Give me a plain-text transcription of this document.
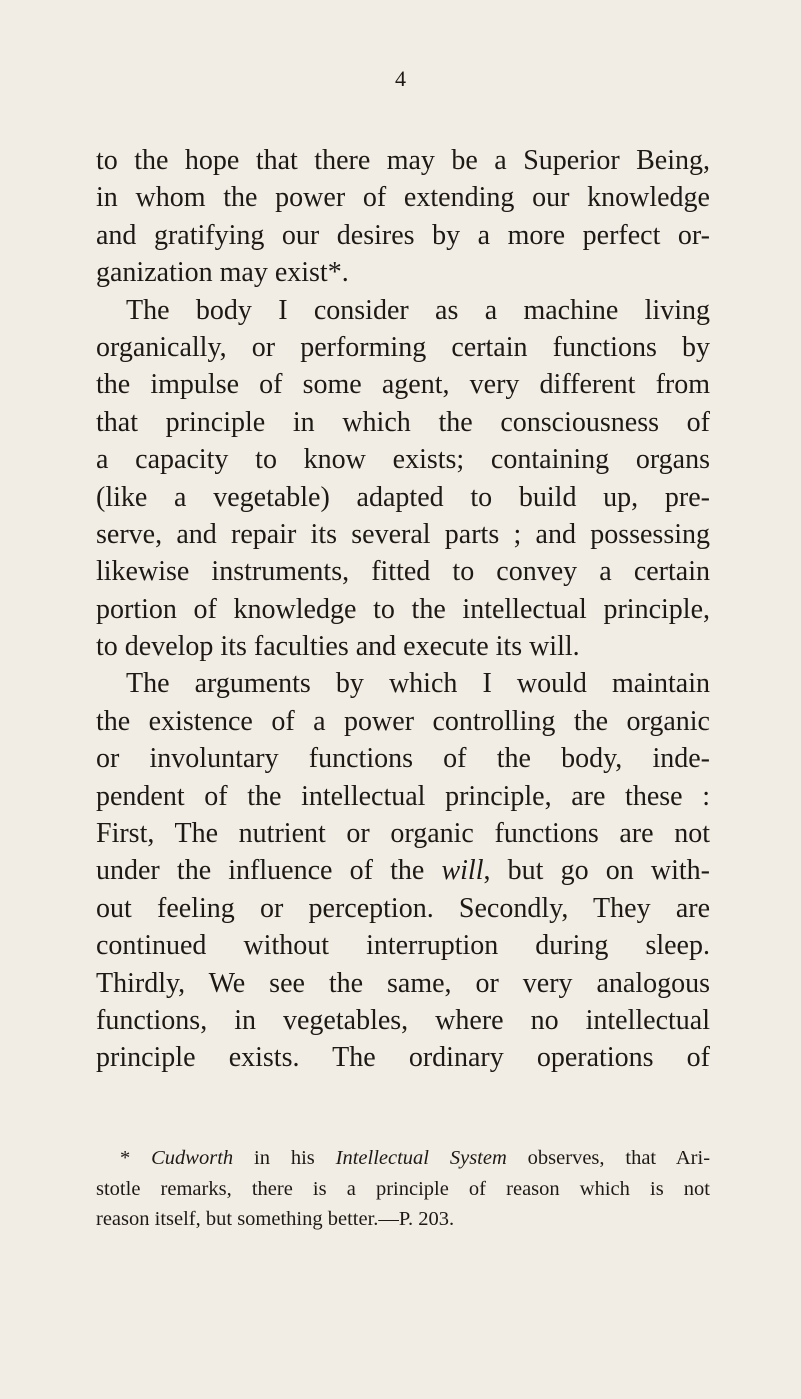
4
to the hope that there may be a Superior Being,
in whom the power of extending our knowledge
and gratifying our desires by a more perfect or-
ganization may exist*.
The body I consider as a machine living
organically, or performing certain functions by
the impulse of some agent, very different from
that principle in which the consciousness of
a capacity to know exists; containing organs
(like a vegetable) adapted to build up, pre-
serve, and repair its several parts ; and possessing
likewise instruments, fitted to convey a certain
portion of knowledge to the intellectual principle,
to develop its faculties and execute its will.
The arguments by which I would maintain
the existence of a power controlling the organic
or involuntary functions of the body, inde-
pendent of the intellectual principle, are these :
First, The nutrient or organic functions are not
under the influence of the will, but go on with-
out feeling or perception. Secondly, They are
continued without interruption during sleep.
Thirdly, We see the same, or very analogous
functions, in vegetables, where no intellectual
principle exists. The ordinary operations of
* Cudworth in his Intellectual System observes, that Ari-
stotle remarks, there is a principle of reason which is not
reason itself, but something better.—P. 203.
